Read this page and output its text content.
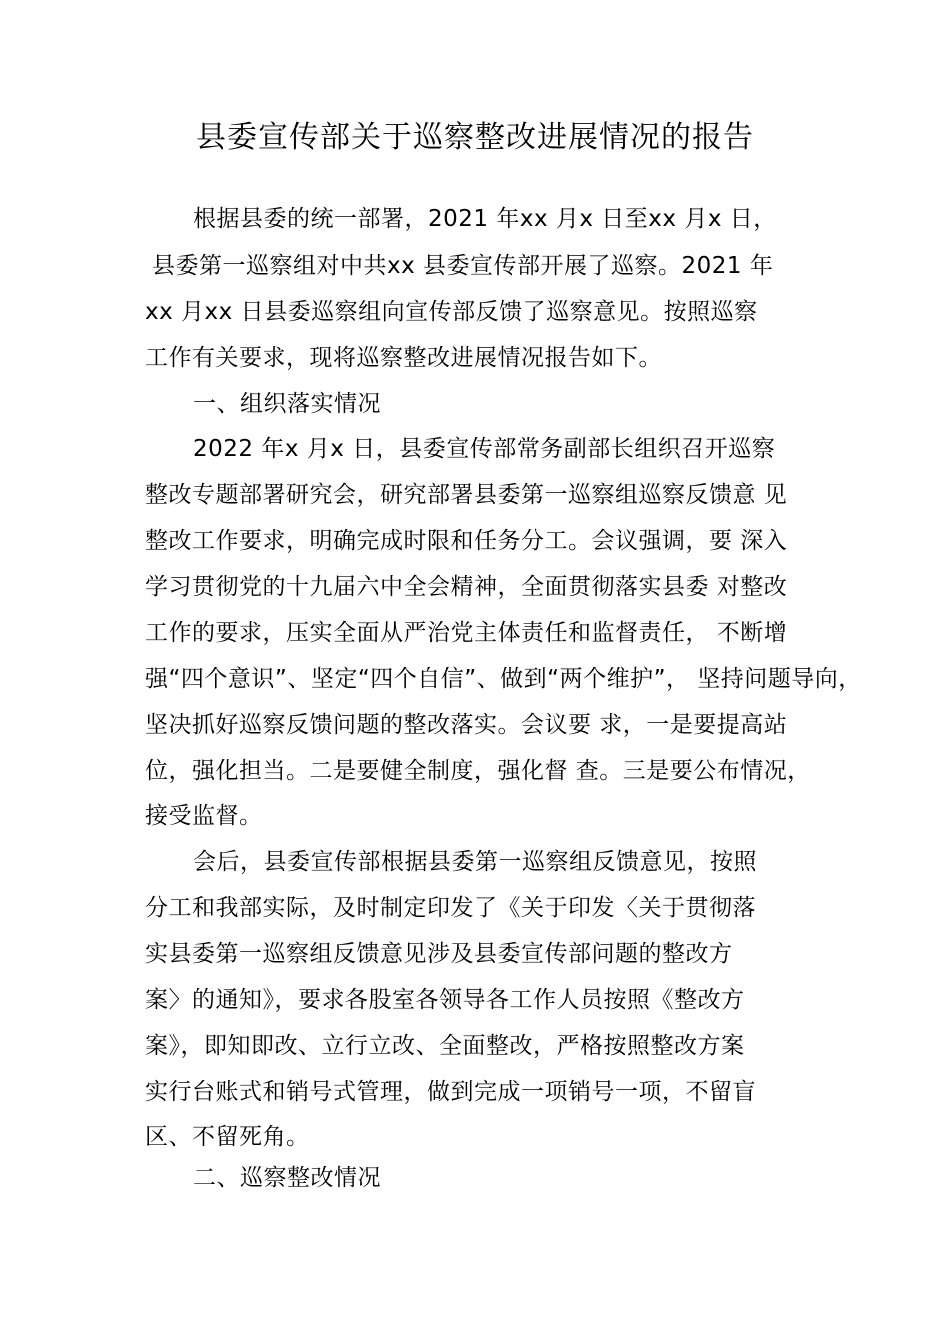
县委宣传部关于巡察整改进展情况的报告
根据县委的统一部署，2021 年xx 月x 日至xx 月x 日，
县委第一巡察组对中共xx 县委宣传部开展了巡察。2021 年
xx 月xx 日县委巡察组向宣传部反馈了巡察意见。按照巡察
工作有关要求，现将巡察整改进展情况报告如下。
一、组织落实情况
2022 年x 月x 日，县委宣传部常务副部长组织召开巡察
整改专题部署研究会，研究部署县委第一巡察组巡察反馈意 见
整改工作要求，明确完成时限和任务分工。会议强调，要 深入
学习贯彻党的十九届六中全会精神，全面贯彻落实县委 对整改
工作的要求，压实全面从严治党主体责任和监督责任， 不断增
强“四个意识”、坚定“四个自信”、做到“两个维护”， 坚持问题导向，
坚决抓好巡察反馈问题的整改落实。会议要 求，一是要提高站
位，强化担当。二是要健全制度，强化督 查。三是要公布情况，
接受监督。
会后，县委宣传部根据县委第一巡察组反馈意见，按照
分工和我部实际，及时制定印发了《关于印发〈关于贯彻落
实县委第一巡察组反馈意见涉及县委宣传部问题的整改方
案〉的通知》，要求各股室各领导各工作人员按照《整改方
案》，即知即改、立行立改、全面整改，严格按照整改方案
实行台账式和销号式管理，做到完成一项销号一项，不留盲
区、不留死角。
二、巡察整改情况
